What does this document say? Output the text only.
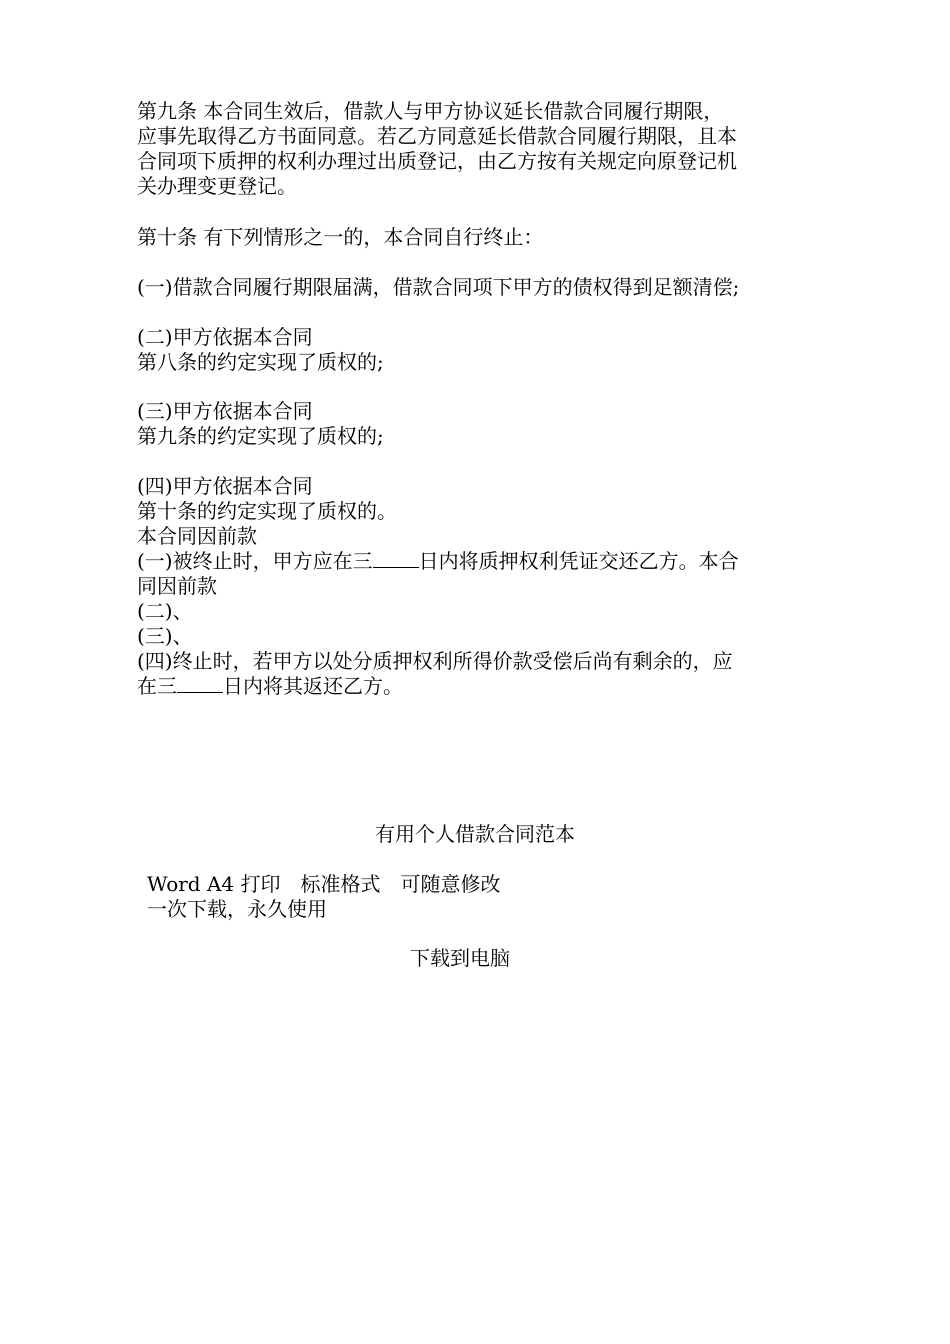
第九条 本合同生效后，借款人与甲方协议延长借款合同履行期限，
应事先取得乙方书面同意。若乙方同意延长借款合同履行期限，且本
合同项下质押的权利办理过出质登记，由乙方按有关规定向原登记机
关办理变更登记。
第十条 有下列情形之一的，本合同自行终止：
(一)借款合同履行期限届满，借款合同项下甲方的债权得到足额清偿;
(二)甲方依据本合同
第八条的约定实现了质权的;
(三)甲方依据本合同
第九条的约定实现了质权的;
(四)甲方依据本合同
第十条的约定实现了质权的。
本合同因前款
(一)被终止时，甲方应在三 日内将质押权利凭证交还乙方。本合
同因前款
(二)、
(三)、
(四)终止时，若甲方以处分质押权利所得价款受偿后尚有剩余的，应
在三 日内将其返还乙方。
有用个人借款合同范本
Word A4 打印　标准格式　可随意修改
一次下载，永久使用
下载到电脑
